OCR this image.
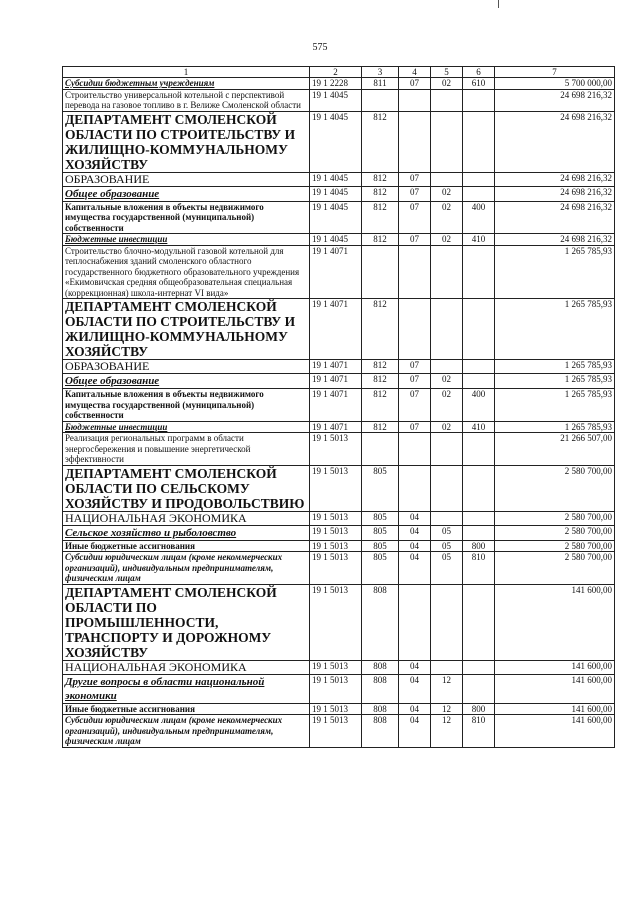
575
1	2	3	4	5	6	7
Субсидии бюджетным учреждениям	19 1 2228	811	07	02	610	5 700 000,00
Строительство универсальной котельной с перспективой перевода на газовое топливо в г. Велиже Смоленской области	19 1 4045					24 698 216,32
ДЕПАРТАМЕНТ СМОЛЕНСКОЙ ОБЛАСТИ ПО СТРОИТЕЛЬСТВУ И ЖИЛИЩНО-КОММУНАЛЬНОМУ ХОЗЯЙСТВУ	19 1 4045	812				24 698 216,32
ОБРАЗОВАНИЕ	19 1 4045	812	07			24 698 216,32
Общее образование	19 1 4045	812	07	02		24 698 216,32
Капитальные вложения в объекты недвижимого имущества государственной (муниципальной) собственности	19 1 4045	812	07	02	400	24 698 216,32
Бюджетные инвестиции	19 1 4045	812	07	02	410	24 698 216,32
Строительство блочно-модульной газовой котельной для теплоснабжения зданий смоленского областного государственного бюджетного образовательного учреждения «Екимовичская средняя общеобразовательная специальная (коррекционная) школа-интернат VI вида»	19 1 4071					1 265 785,93
ДЕПАРТАМЕНТ СМОЛЕНСКОЙ ОБЛАСТИ ПО СТРОИТЕЛЬСТВУ И ЖИЛИЩНО-КОММУНАЛЬНОМУ ХОЗЯЙСТВУ	19 1 4071	812				1 265 785,93
ОБРАЗОВАНИЕ	19 1 4071	812	07			1 265 785,93
Общее образование	19 1 4071	812	07	02		1 265 785,93
Капитальные вложения в объекты недвижимого имущества государственной (муниципальной) собственности	19 1 4071	812	07	02	400	1 265 785,93
Бюджетные инвестиции	19 1 4071	812	07	02	410	1 265 785,93
Реализация региональных программ в области энергосбережения и повышение энергетической эффективности	19 1 5013					21 266 507,00
ДЕПАРТАМЕНТ СМОЛЕНСКОЙ ОБЛАСТИ ПО СЕЛЬСКОМУ ХОЗЯЙСТВУ И ПРОДОВОЛЬСТВИЮ	19 1 5013	805				2 580 700,00
НАЦИОНАЛЬНАЯ ЭКОНОМИКА	19 1 5013	805	04			2 580 700,00
Сельское хозяйство и рыболовство	19 1 5013	805	04	05		2 580 700,00
Иные бюджетные ассигнования	19 1 5013	805	04	05	800	2 580 700,00
Субсидии юридическим лицам (кроме некоммерческих организаций), индивидуальным предпринимателям, физическим лицам	19 1 5013	805	04	05	810	2 580 700,00
ДЕПАРТАМЕНТ СМОЛЕНСКОЙ ОБЛАСТИ ПО ПРОМЫШЛЕННОСТИ, ТРАНСПОРТУ И ДОРОЖНОМУ ХОЗЯЙСТВУ	19 1 5013	808				141 600,00
НАЦИОНАЛЬНАЯ ЭКОНОМИКА	19 1 5013	808	04			141 600,00
Другие вопросы в области национальной экономики	19 1 5013	808	04	12		141 600,00
Иные бюджетные ассигнования	19 1 5013	808	04	12	800	141 600,00
Субсидии юридическим лицам (кроме некоммерческих организаций), индивидуальным предпринимателям, физическим лицам	19 1 5013	808	04	12	810	141 600,00
